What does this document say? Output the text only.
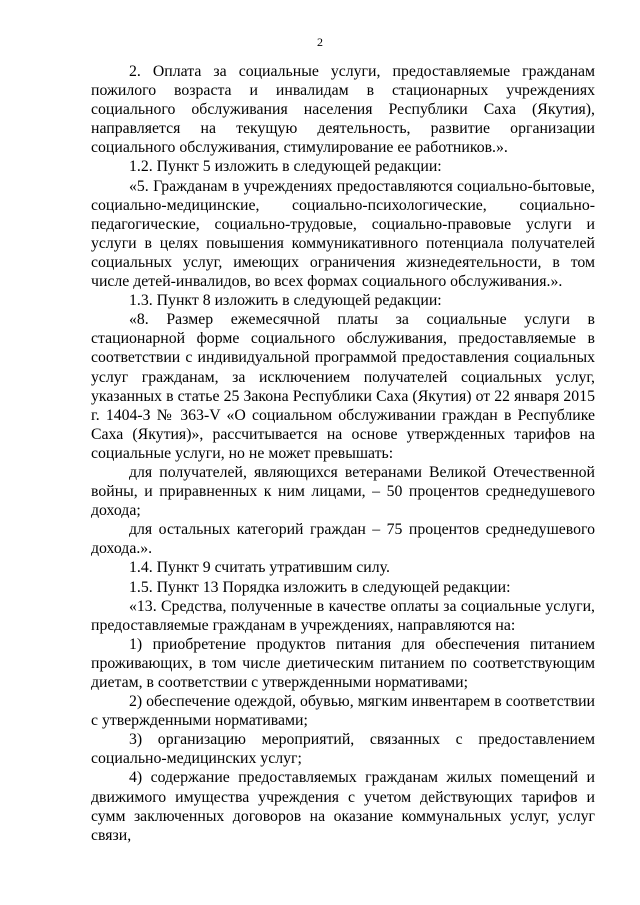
2

2. Оплата за социальные услуги, предоставляемые гражданам пожилого возраста и инвалидам в стационарных учреждениях социального обслуживания населения Республики Саха (Якутия), направляется на текущую деятельность, развитие организации социального обслуживания, стимулирование ее работников.».

1.2. Пункт 5 изложить в следующей редакции:

«5. Гражданам в учреждениях предоставляются социально-бытовые, социально-медицинские, социально-психологические, социально-педагогические, социально-трудовые, социально-правовые услуги и услуги в целях повышения коммуникативного потенциала получателей социальных услуг, имеющих ограничения жизнедеятельности, в том числе детей-инвалидов, во всех формах социального обслуживания.».

1.3. Пункт 8 изложить в следующей редакции:

«8. Размер ежемесячной платы за социальные услуги в стационарной форме социального обслуживания, предоставляемые в соответствии с индивидуальной программой предоставления социальных услуг гражданам, за исключением получателей социальных услуг, указанных в статье 25 Закона Республики Саха (Якутия) от 22 января 2015 г. 1404-З № 363-V «О социальном обслуживании граждан в Республике Саха (Якутия)», рассчитывается на основе утвержденных тарифов на социальные услуги, но не может превышать:

для получателей, являющихся ветеранами Великой Отечественной войны, и приравненных к ним лицами, – 50 процентов среднедушевого дохода;

для остальных категорий граждан – 75 процентов среднедушевого дохода.».

1.4. Пункт 9 считать утратившим силу.

1.5. Пункт 13 Порядка изложить в следующей редакции:

«13. Средства, полученные в качестве оплаты за социальные услуги, предоставляемые гражданам в учреждениях, направляются на:

1) приобретение продуктов питания для обеспечения питанием проживающих, в том числе диетическим питанием по соответствующим диетам, в соответствии с утвержденными нормативами;

2) обеспечение одеждой, обувью, мягким инвентарем в соответствии с утвержденными нормативами;

3) организацию мероприятий, связанных с предоставлением социально-медицинских услуг;

4) содержание предоставляемых гражданам жилых помещений и движимого имущества учреждения с учетом действующих тарифов и сумм заключенных договоров на оказание коммунальных услуг, услуг связи,
